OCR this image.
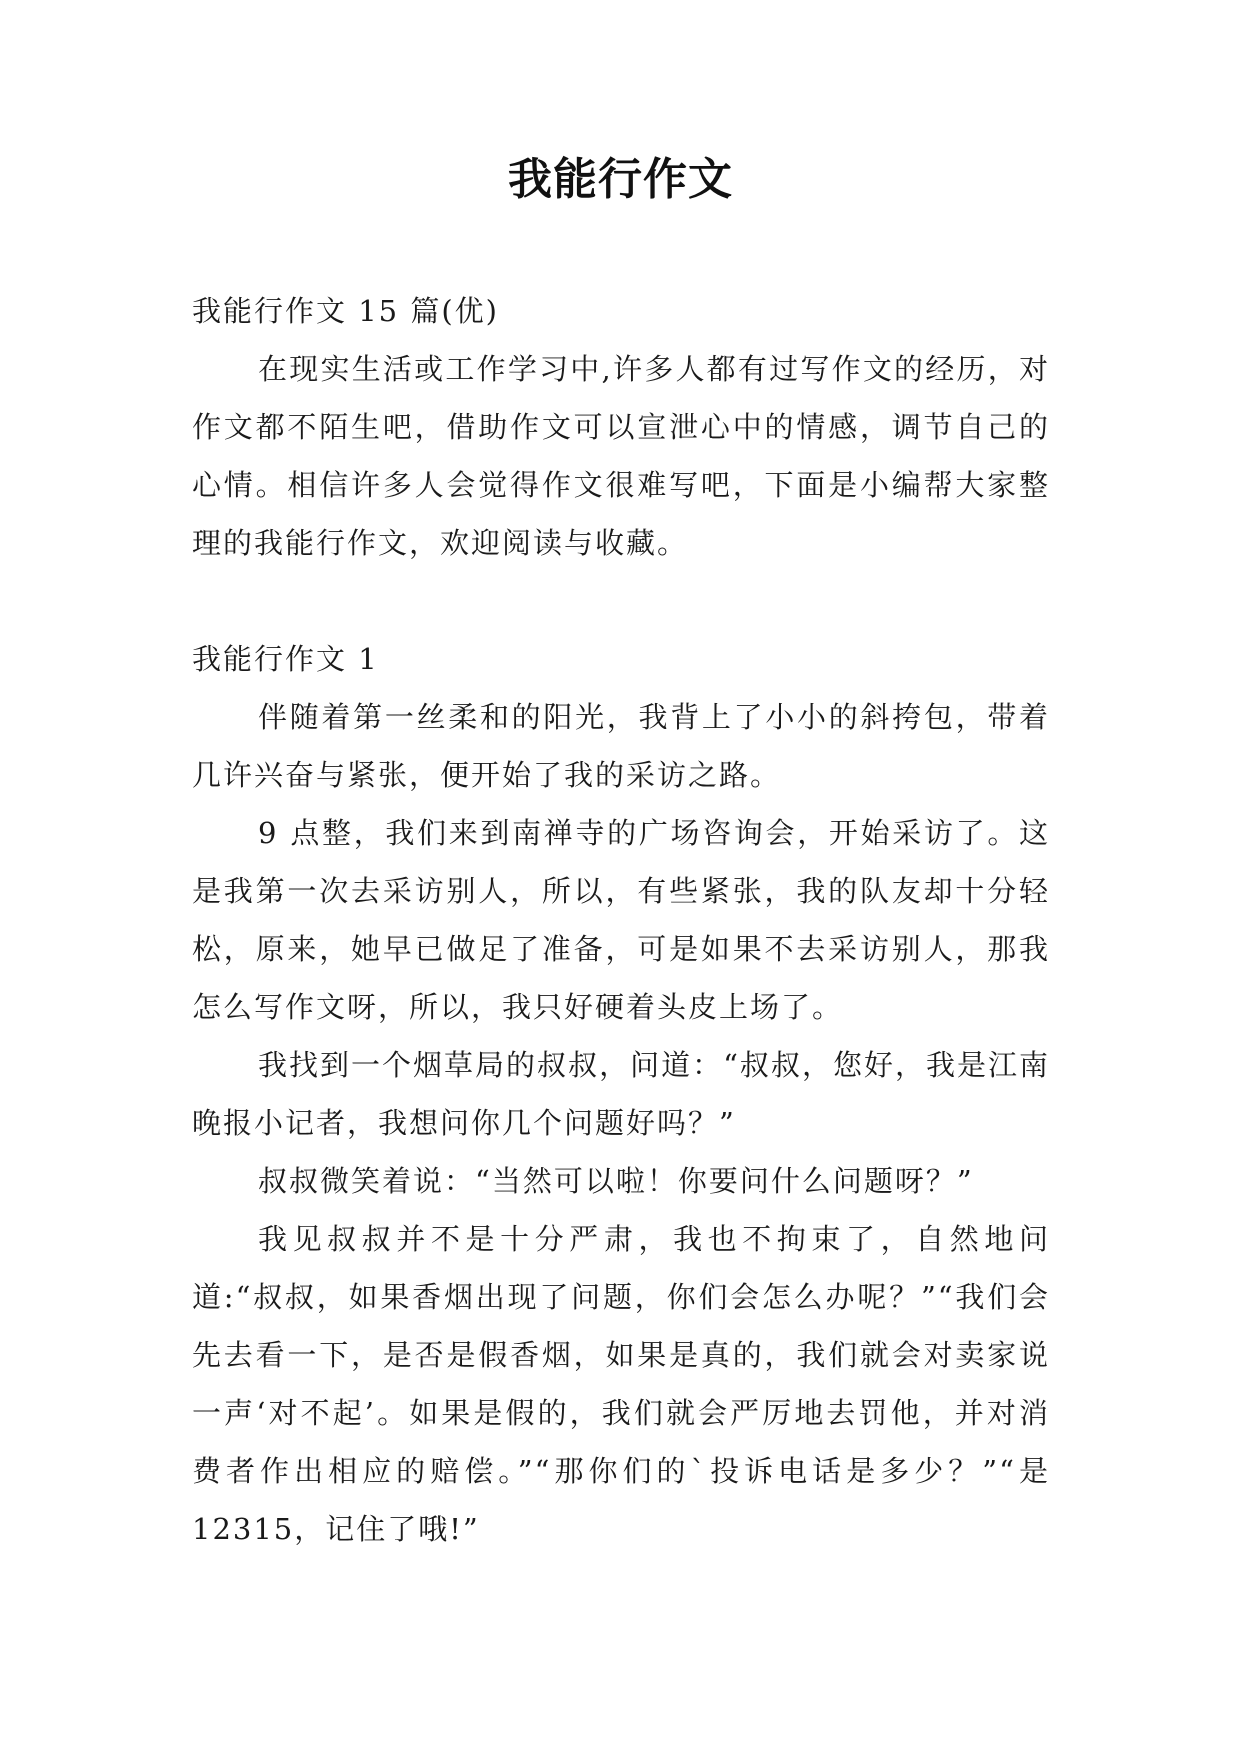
我能行作文

我能行作文 15 篇(优)

在现实生活或工作学习中,许多人都有过写作文的经历，对作文都不陌生吧，借助作文可以宣泄心中的情感，调节自己的心情。相信许多人会觉得作文很难写吧，下面是小编帮大家整理的我能行作文，欢迎阅读与收藏。

我能行作文 1

伴随着第一丝柔和的阳光，我背上了小小的斜挎包，带着几许兴奋与紧张，便开始了我的采访之路。

9 点整，我们来到南禅寺的广场咨询会，开始采访了。这是我第一次去采访别人，所以，有些紧张，我的队友却十分轻松，原来，她早已做足了准备，可是如果不去采访别人，那我怎么写作文呀，所以，我只好硬着头皮上场了。

我找到一个烟草局的叔叔，问道：“叔叔，您好，我是江南晚报小记者，我想问你几个问题好吗？”

叔叔微笑着说：“当然可以啦！你要问什么问题呀？”

我见叔叔并不是十分严肃，我也不拘束了，自然地问道:“叔叔，如果香烟出现了问题，你们会怎么办呢？”“我们会先去看一下，是否是假香烟，如果是真的，我们就会对卖家说一声‘对不起’。如果是假的，我们就会严厉地去罚他，并对消费者作出相应的赔偿。”“那你们的`投诉电话是多少？”“是 12315，记住了哦!”
